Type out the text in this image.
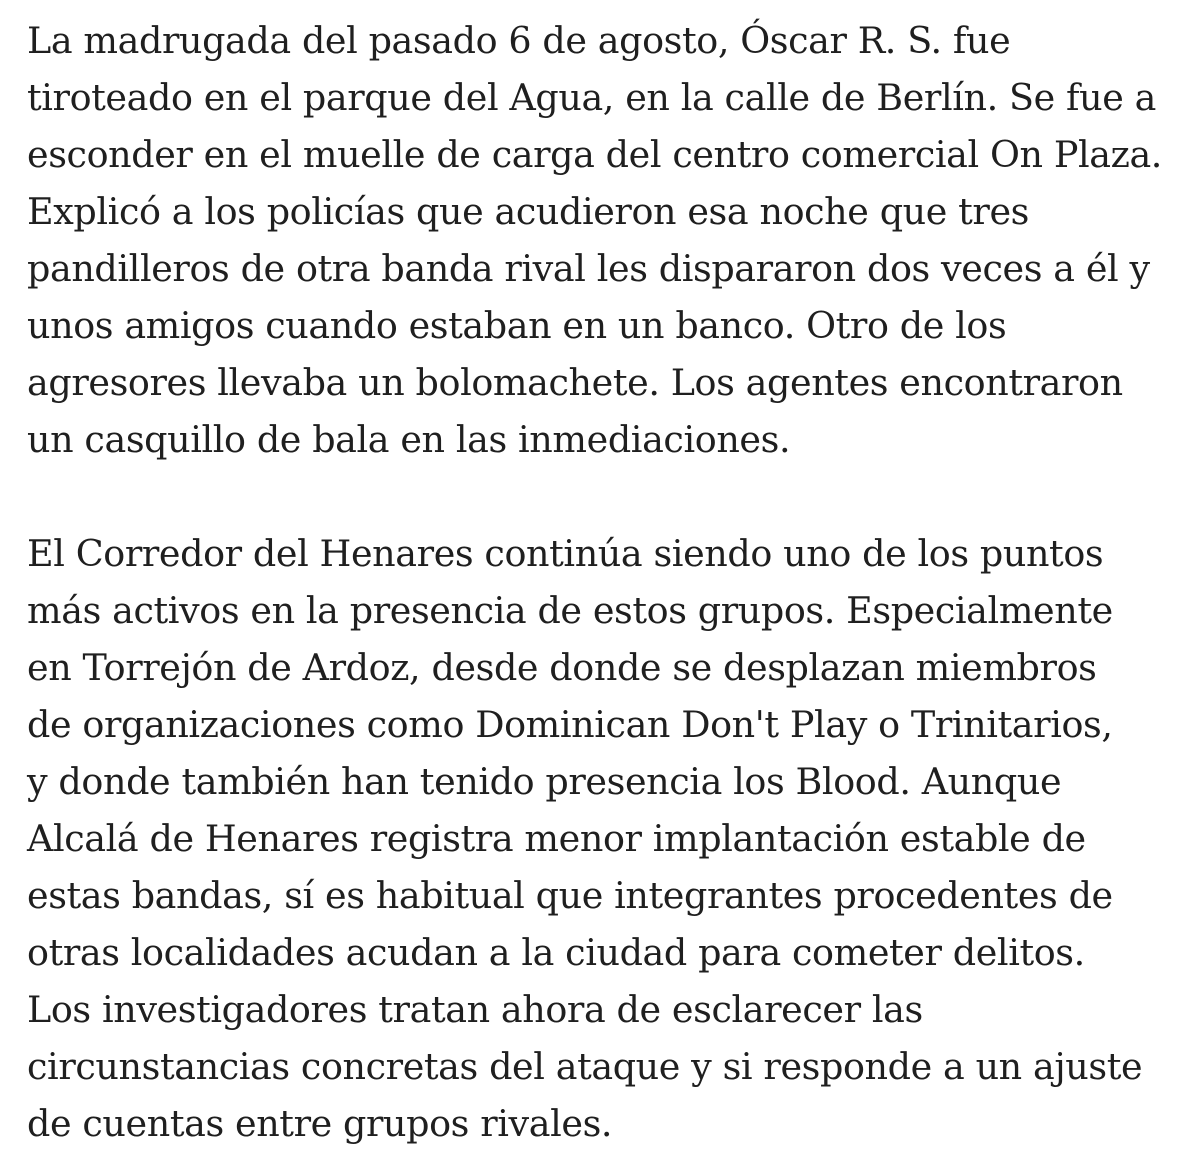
La madrugada del pasado 6 de agosto, Óscar R. S. fue
tiroteado en el parque del Agua, en la calle de Berlín. Se fue a
esconder en el muelle de carga del centro comercial On Plaza.
Explicó a los policías que acudieron esa noche que tres
pandilleros de otra banda rival les dispararon dos veces a él y
unos amigos cuando estaban en un banco. Otro de los
agresores llevaba un bolomachete. Los agentes encontraron
un casquillo de bala en las inmediaciones.

El Corredor del Henares continúa siendo uno de los puntos
más activos en la presencia de estos grupos. Especialmente
en Torrejón de Ardoz, desde donde se desplazan miembros
de organizaciones como Dominican Don't Play o Trinitarios,
y donde también han tenido presencia los Blood. Aunque
Alcalá de Henares registra menor implantación estable de
estas bandas, sí es habitual que integrantes procedentes de
otras localidades acudan a la ciudad para cometer delitos.
Los investigadores tratan ahora de esclarecer las
circunstancias concretas del ataque y si responde a un ajuste
de cuentas entre grupos rivales.
